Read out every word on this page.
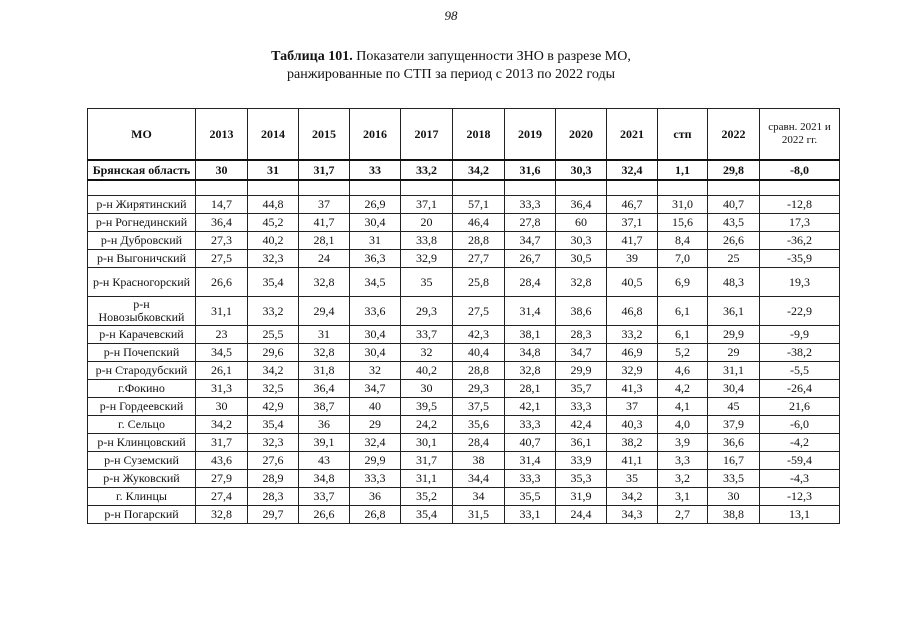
98
Таблица 101. Показатели запущенности ЗНО в разрезе МО,
ранжированные по СТП за период с 2013 по 2022 годы
МО	2013	2014	2015	2016	2017	2018	2019	2020	2021	стп	2022	сравн. 2021 и 2022 гг.
Брянская область	30	31	31,7	33	33,2	34,2	31,6	30,3	32,4	1,1	29,8	-8,0

р-н Жирятинский	14,7	44,8	37	26,9	37,1	57,1	33,3	36,4	46,7	31,0	40,7	-12,8
р-н Рогнединский	36,4	45,2	41,7	30,4	20	46,4	27,8	60	37,1	15,6	43,5	17,3
р-н Дубровский	27,3	40,2	28,1	31	33,8	28,8	34,7	30,3	41,7	8,4	26,6	-36,2
р-н Выгоничский	27,5	32,3	24	36,3	32,9	27,7	26,7	30,5	39	7,0	25	-35,9
р-н Красногорский	26,6	35,4	32,8	34,5	35	25,8	28,4	32,8	40,5	6,9	48,3	19,3
р-н Новозыбковский	31,1	33,2	29,4	33,6	29,3	27,5	31,4	38,6	46,8	6,1	36,1	-22,9
р-н Карачевский	23	25,5	31	30,4	33,7	42,3	38,1	28,3	33,2	6,1	29,9	-9,9
р-н Почепский	34,5	29,6	32,8	30,4	32	40,4	34,8	34,7	46,9	5,2	29	-38,2
р-н Стародубский	26,1	34,2	31,8	32	40,2	28,8	32,8	29,9	32,9	4,6	31,1	-5,5
г.Фокино	31,3	32,5	36,4	34,7	30	29,3	28,1	35,7	41,3	4,2	30,4	-26,4
р-н Гордеевский	30	42,9	38,7	40	39,5	37,5	42,1	33,3	37	4,1	45	21,6
г. Сельцо	34,2	35,4	36	29	24,2	35,6	33,3	42,4	40,3	4,0	37,9	-6,0
р-н Клинцовский	31,7	32,3	39,1	32,4	30,1	28,4	40,7	36,1	38,2	3,9	36,6	-4,2
р-н Суземский	43,6	27,6	43	29,9	31,7	38	31,4	33,9	41,1	3,3	16,7	-59,4
р-н Жуковский	27,9	28,9	34,8	33,3	31,1	34,4	33,3	35,3	35	3,2	33,5	-4,3
г. Клинцы	27,4	28,3	33,7	36	35,2	34	35,5	31,9	34,2	3,1	30	-12,3
р-н Погарский	32,8	29,7	26,6	26,8	35,4	31,5	33,1	24,4	34,3	2,7	38,8	13,1
